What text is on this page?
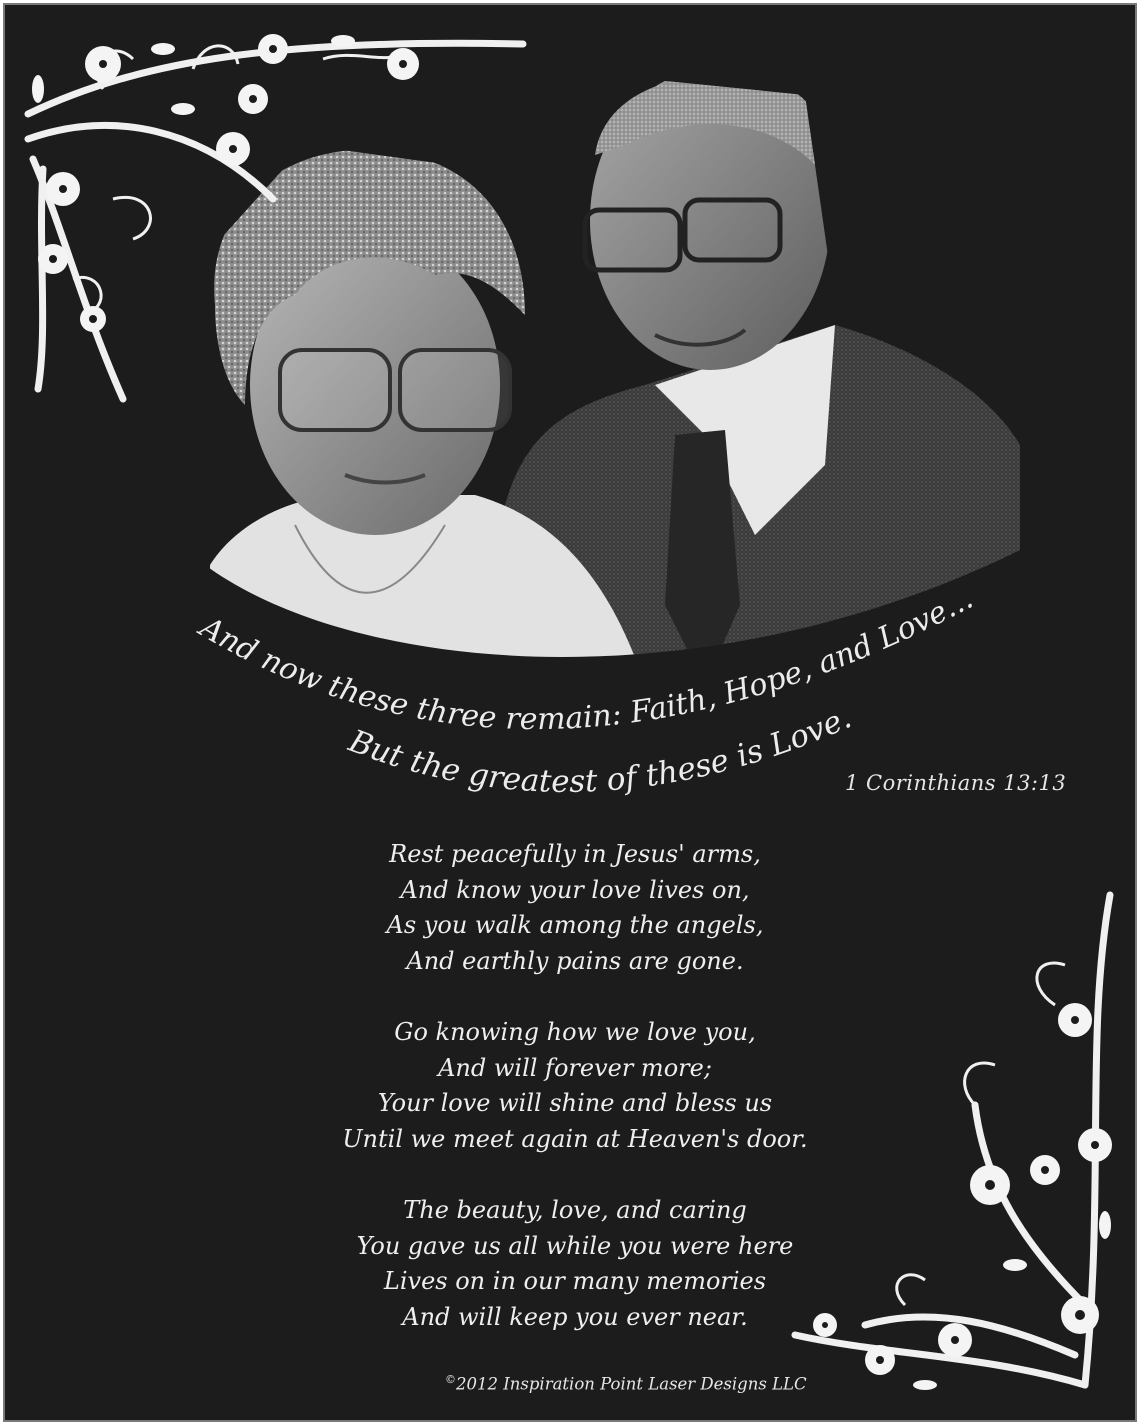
And now these three remain: Faith, Hope, and Love...
But the greatest of these is Love.
1 Corinthians 13:13
Rest peacefully in Jesus' arms,
And know your love lives on,
As you walk among the angels,
And earthly pains are gone.
Go knowing how we love you,
And will forever more;
Your love will shine and bless us
Until we meet again at Heaven's door.
The beauty, love, and caring
You gave us all while you were here
Lives on in our many memories
And will keep you ever near.
©2012 Inspiration Point Laser Designs LLC
